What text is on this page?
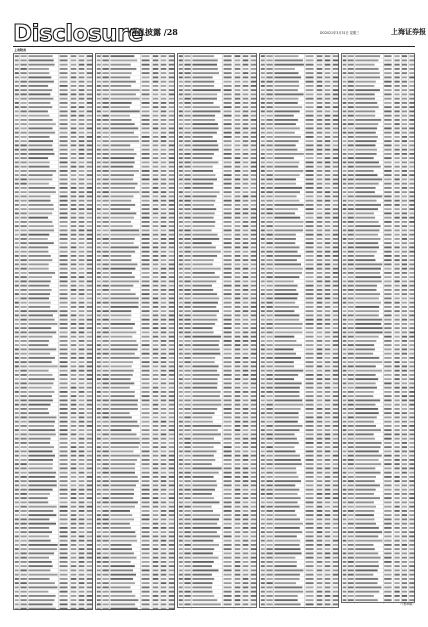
Disclosure
信息披露 /28	DO2021年3月31日 星期三	上海证券报
上表附表
（下转29版）
